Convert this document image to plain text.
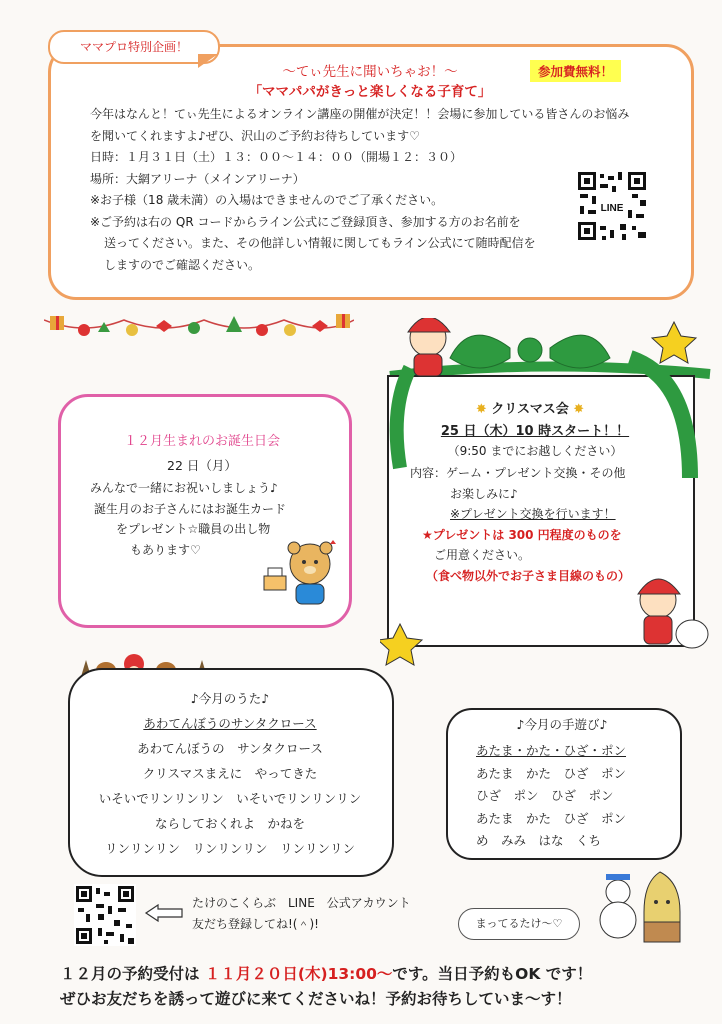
ママプロ特別企画！
～てぃ先生に聞いちゃお！～
「ママパパがきっと楽しくなる子育て」
参加費無料！
今年はなんと！てぃ先生によるオンライン講座の開催が決定！！会場に参加している皆さんのお悩み
を聞いてくれますよ♪ぜひ、沢山のご予約お待ちしています♡
日時：１月３１日（土）１３：００～１４：００（開場１２：３０）
場所：大網アリーナ（メインアリーナ）
※お子様（18 歳未満）の入場はできませんのでご了承ください。
※ご予約は右の QR コードからライン公式にご登録頂き、参加する方のお名前を
送ってください。また、その他詳しい情報に関してもライン公式にて随時配信を
しますのでご確認ください。
LINE
１２月生まれのお誕生日会
22 日（月）
みんなで一緒にお祝いしましょう♪
誕生月のお子さんにはお誕生カード
をプレゼント☆職員の出し物
もあります♡
✸ クリスマス会 ✸
25 日（木）10 時スタート！！
（9:50 までにお越しください）
内容：ゲーム・プレゼント交換・その他
お楽しみに♪
※プレゼント交換を行います！
★プレゼントは 300 円程度のものを
ご用意ください。
（食べ物以外でお子さま目線のもの）
♪今月のうた♪
あわてんぼうのサンタクロース
あわてんぼうの　サンタクロース
クリスマスまえに　やってきた
いそいでリンリンリン　いそいでリンリンリン
ならしておくれよ　かねを
リンリンリン　リンリンリン　リンリンリン
♪今月の手遊び♪
あたま・かた・ひざ・ポン
あたま　かた　ひざ　ポン
ひざ　ポン　ひざ　ポン
あたま　かた　ひざ　ポン
め　みみ　はな　くち
たけのこくらぶ　LINE　公式アカウント
友だち登録してね!(＾)!	まってるたけ～♡
１２月の予約受付は １１月２０日(木)13:00～です。当日予約もOK です！
ぜひお友だちを誘って遊びに来てくださいね！予約お待ちしていま～す！
